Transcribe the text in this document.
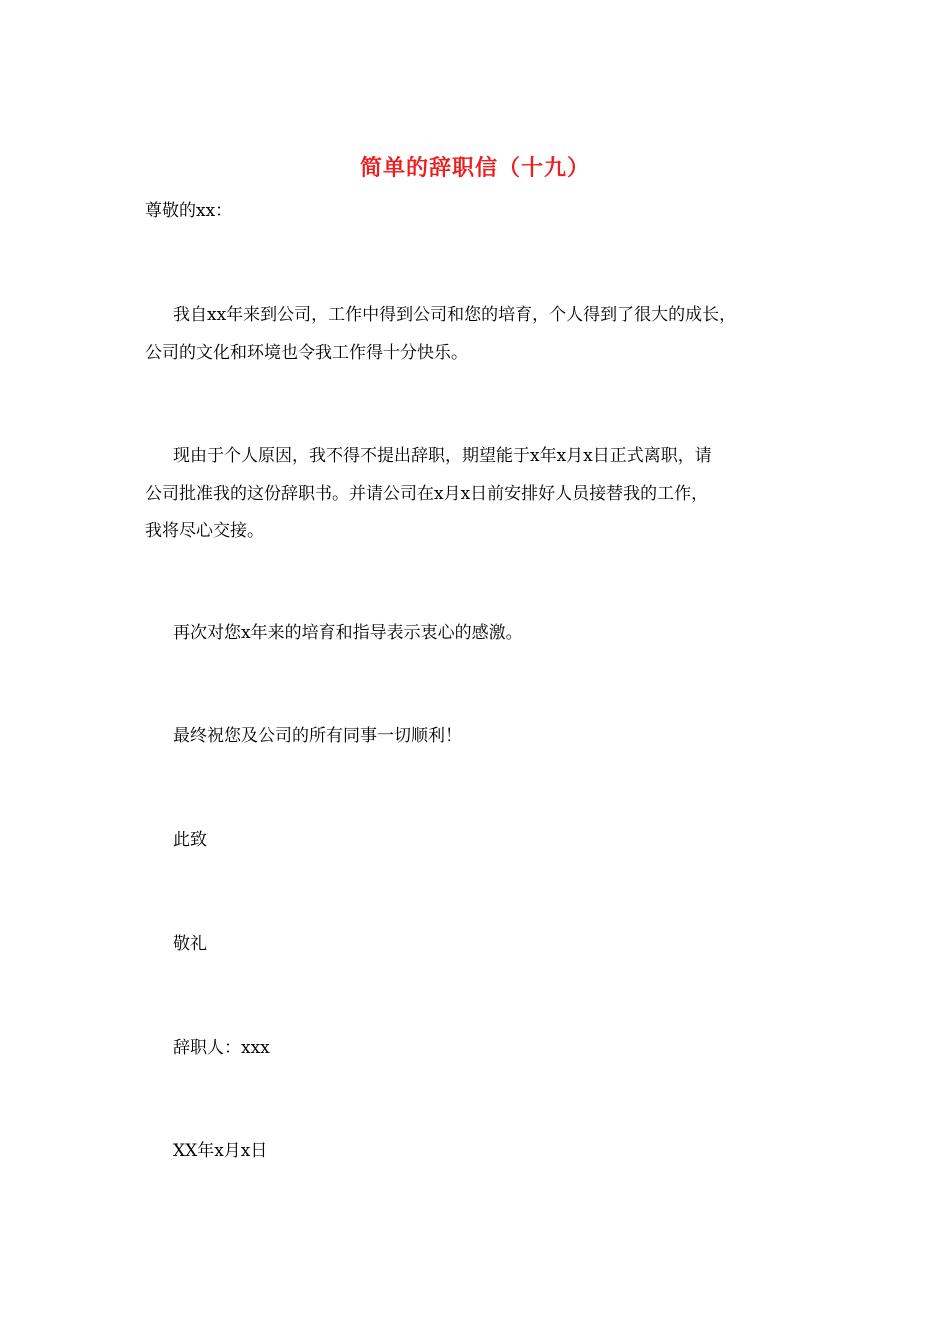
简单的辞职信（十九）
尊敬的xx：
我自xx年来到公司，工作中得到公司和您的培育，个人得到了很大的成长，
公司的文化和环境也令我工作得十分快乐。
现由于个人原因，我不得不提出辞职，期望能于x年x月x日正式离职，请
公司批准我的这份辞职书。并请公司在x月x日前安排好人员接替我的工作，
我将尽心交接。
再次对您x年来的培育和指导表示衷心的感激。
最终祝您及公司的所有同事一切顺利！
此致
敬礼
辞职人：xxx
XX年x月x日
